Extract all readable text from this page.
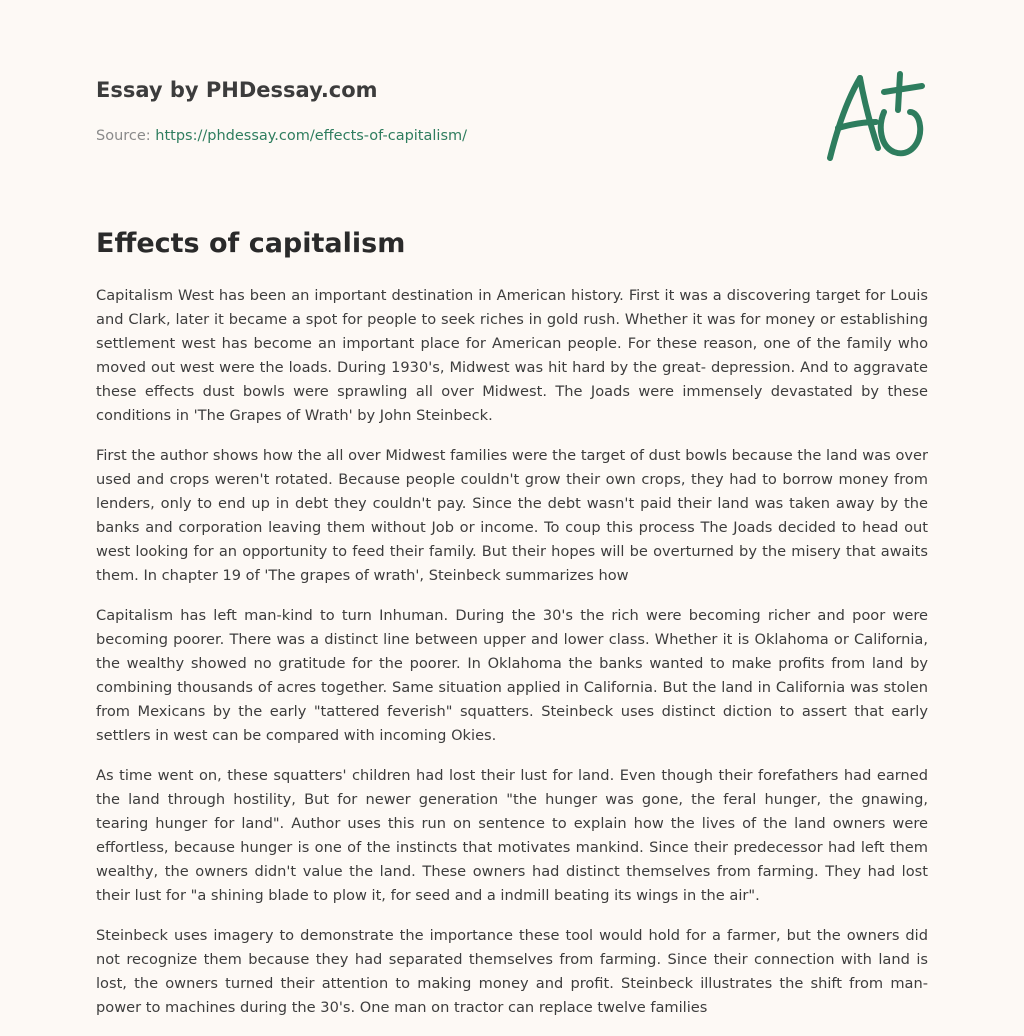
Essay by PHDessay.com
Source: https://phdessay.com/effects-of-capitalism/
Effects of capitalism

Capitalism West has been an important destination in American history. First it was a discovering target for Louis and Clark, later it became a spot for people to seek riches in gold rush. Whether it was for money or establishing settlement west has become an important place for American people. For these reason, one of the family who moved out west were the loads. During 1930's, Midwest was hit hard by the great- depression. And to aggravate these effects dust bowls were sprawling all over Midwest. The Joads were immensely devastated by these conditions in 'The Grapes of Wrath' by John Steinbeck.

First the author shows how the all over Midwest families were the target of dust bowls because the land was over used and crops weren't rotated. Because people couldn't grow their own crops, they had to borrow money from lenders, only to end up in debt they couldn't pay. Since the debt wasn't paid their land was taken away by the banks and corporation leaving them without Job or income. To coup this process The Joads decided to head out west looking for an opportunity to feed their family. But their hopes will be overturned by the misery that awaits them. In chapter 19 of 'The grapes of wrath', Steinbeck summarizes how

Capitalism has left man-kind to turn Inhuman. During the 30's the rich were becoming richer and poor were becoming poorer. There was a distinct line between upper and lower class. Whether it is Oklahoma or California, the wealthy showed no gratitude for the poorer. In Oklahoma the banks wanted to make profits from land by combining thousands of acres together. Same situation applied in California. But the land in California was stolen from Mexicans by the early "tattered feverish" squatters. Steinbeck uses distinct diction to assert that early settlers in west can be compared with incoming Okies.

As time went on, these squatters' children had lost their lust for land. Even though their forefathers had earned the land through hostility, But for newer generation "the hunger was gone, the feral hunger, the gnawing, tearing hunger for land". Author uses this run on sentence to explain how the lives of the land owners were effortless, because hunger is one of the instincts that motivates mankind. Since their predecessor had left them wealthy, the owners didn't value the land. These owners had distinct themselves from farming. They had lost their lust for "a shining blade to plow it, for seed and a indmill beating its wings in the air".

Steinbeck uses imagery to demonstrate the importance these tool would hold for a farmer, but the owners did not recognize them because they had separated themselves from farming. Since their connection with land is lost, the owners turned their attention to making money and profit. Steinbeck illustrates the shift from man-power to machines during the 30's. One man on tractor can replace twelve families
